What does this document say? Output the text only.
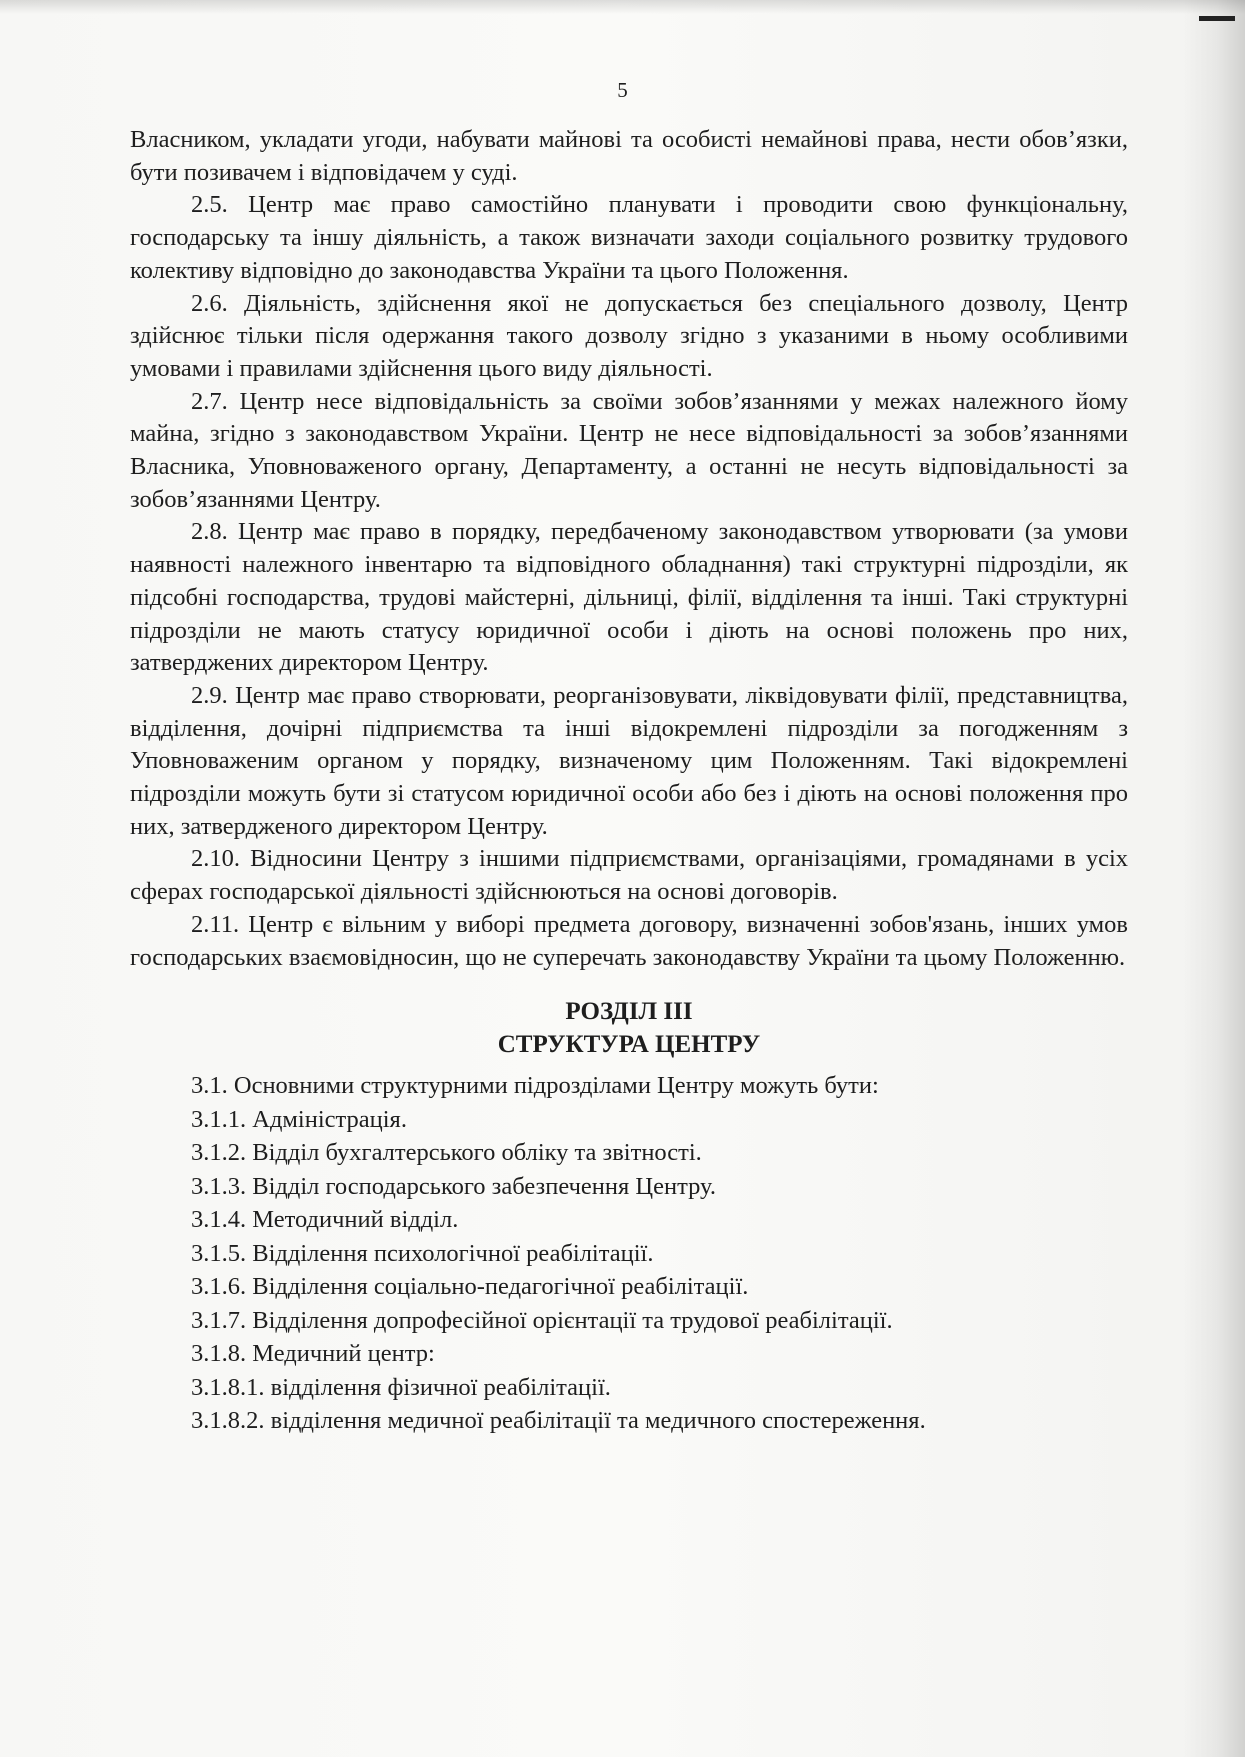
5

Власником, укладати угоди, набувати майнові та особисті немайнові права, нести обов’язки, бути позивачем і відповідачем у суді.

2.5. Центр має право самостійно планувати і проводити свою функціональну, господарську та іншу діяльність, а також визначати заходи соціального розвитку трудового колективу відповідно до законодавства України та цього Положення.

2.6. Діяльність, здійснення якої не допускається без спеціального дозволу, Центр здійснює тільки після одержання такого дозволу згідно з указаними в ньому особливими умовами і правилами здійснення цього виду діяльності.

2.7. Центр несе відповідальність за своїми зобов’язаннями у межах належного йому майна, згідно з законодавством України. Центр не несе відповідальності за зобов’язаннями Власника, Уповноваженого органу, Департаменту, а останні не несуть відповідальності за зобов’язаннями Центру.

2.8. Центр має право в порядку, передбаченому законодавством утворювати (за умови наявності належного інвентарю та відповідного обладнання) такі структурні підрозділи, як підсобні господарства, трудові майстерні, дільниці, філії, відділення та інші. Такі структурні підрозділи не мають статусу юридичної особи і діють на основі положень про них, затверджених директором Центру.

2.9. Центр має право створювати, реорганізовувати, ліквідовувати філії, представництва, відділення, дочірні підприємства та інші відокремлені підрозділи за погодженням з Уповноваженим органом у порядку, визначеному цим Положенням. Такі відокремлені підрозділи можуть бути зі статусом юридичної особи або без і діють на основі положення про них, затвердженого директором Центру.

2.10. Відносини Центру з іншими підприємствами, організаціями, громадянами в усіх сферах господарської діяльності здійснюються на основі договорів.

2.11. Центр є вільним у виборі предмета договору, визначенні зобов'язань, інших умов господарських взаємовідносин, що не суперечать законодавству України та цьому Положенню.

РОЗДІЛ III

СТРУКТУРА ЦЕНТРУ

3.1. Основними структурними підрозділами Центру можуть бути:

3.1.1. Адміністрація.

3.1.2. Відділ бухгалтерського обліку та звітності.

3.1.3. Відділ господарського забезпечення Центру.

3.1.4. Методичний відділ.

3.1.5. Відділення психологічної реабілітації.

3.1.6. Відділення соціально-педагогічної реабілітації.

3.1.7. Відділення допрофесійної орієнтації та трудової реабілітації.

3.1.8. Медичний центр:

3.1.8.1. відділення фізичної реабілітації.

3.1.8.2. відділення медичної реабілітації та медичного спостереження.
